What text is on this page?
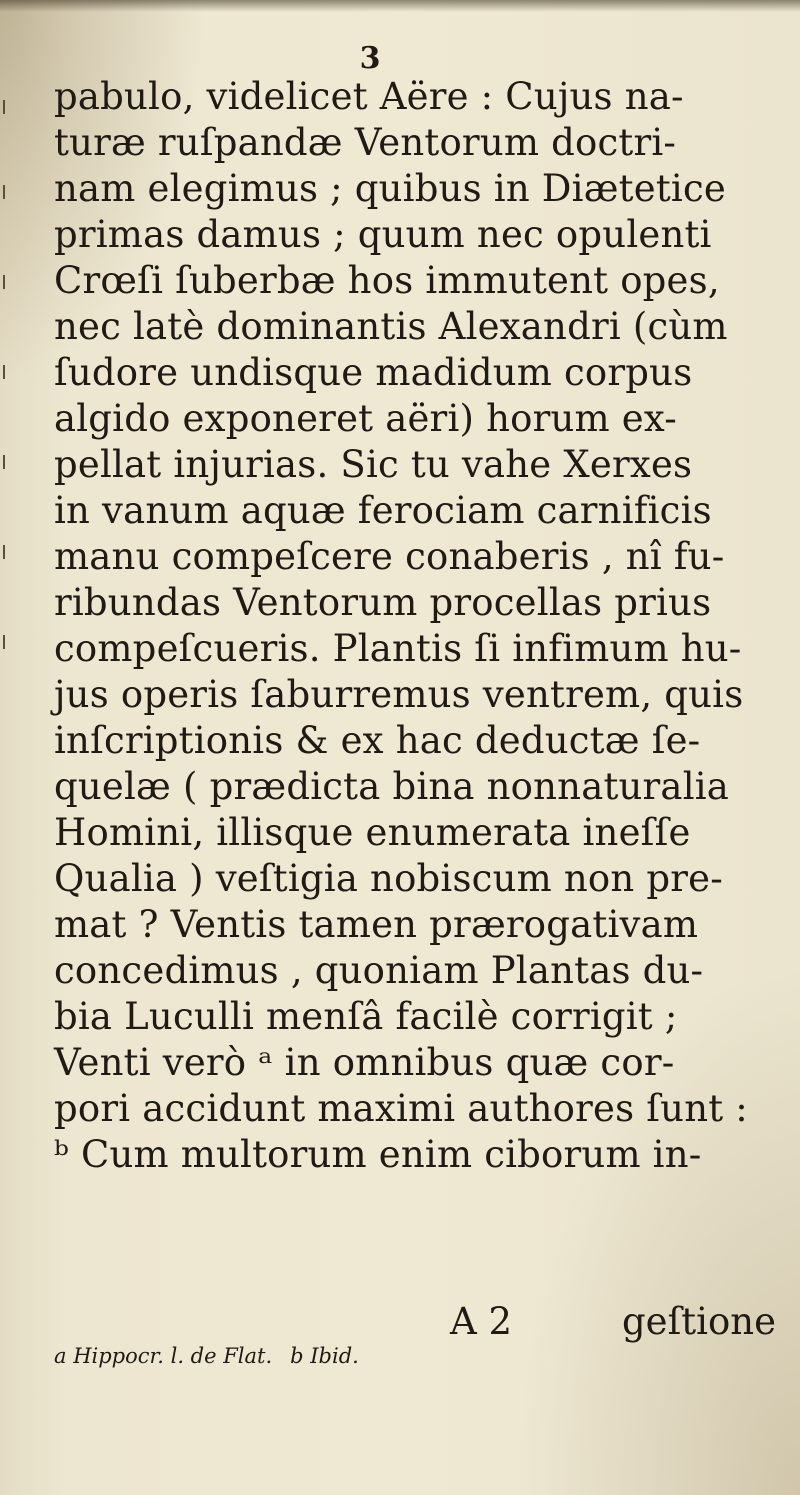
3
pabulo, videlicet Aëre : Cujus na-
turæ ruſpandæ Ventorum doctri-
nam elegimus ; quibus in Diætetice
primas damus ; quum nec opulenti
Crœſi ſuberbæ hos immutent opes,
nec latè dominantis Alexandri (cùm
ſudore undisque madidum corpus
algido exponeret aëri) horum ex-
pellat injurias. Sic tu vahe Xerxes
in vanum aquæ ferociam carnificis
manu compeſcere conaberis , nî fu-
ribundas Ventorum procellas prius
compeſcueris. Plantis ſi infimum hu-
jus operis ſaburremus ventrem, quis
inſcriptionis & ex hac deductæ ſe-
quelæ ( prædicta bina nonnaturalia
Homini, illisque enumerata ineſſe
Qualia ) veſtigia nobiscum non pre-
mat ? Ventis tamen prærogativam
concedimus , quoniam Plantas du-
bia Luculli menſâ facilè corrigit ;
Venti verò ᵃ in omnibus quæ cor-
pori accidunt maximi authores ſunt :
ᵇ Cum multorum enim ciborum in-
A 2	geſtione
a Hippocr. l. de Flat. b Ibid.
